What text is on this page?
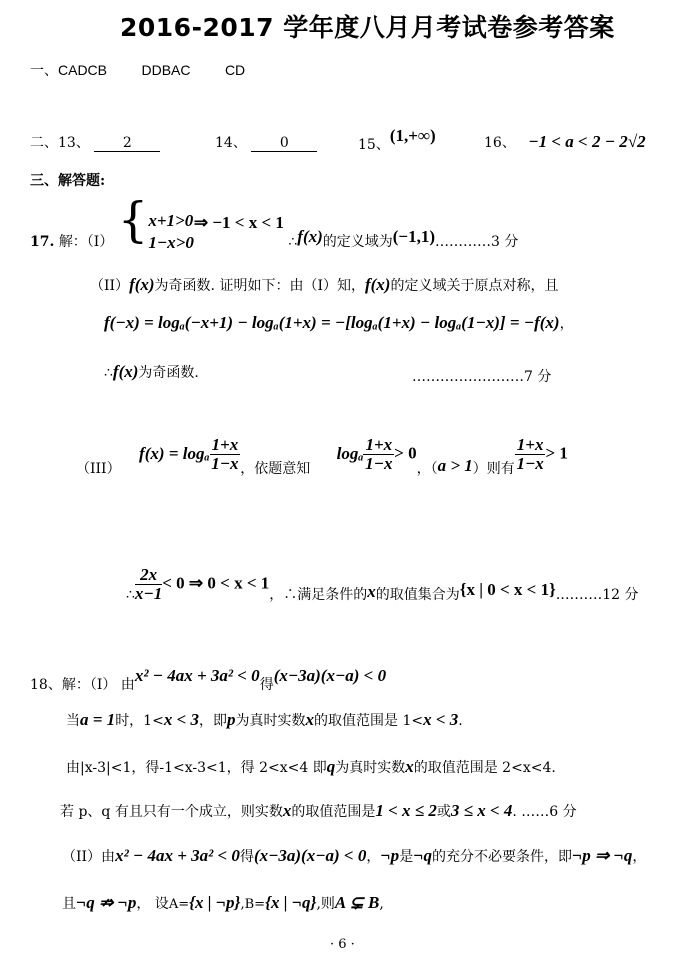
2016-2017 学年度八月月考试卷参考答案
一、CADCB DDBAC CD
二、13、 2	14、 0	15、(1,+∞)	16、 −1 < a < 2 − 2√2
三、解答题:
17. 解：（I） { x+1>0
1−x>0
⇒ −1 < x < 1 ∴f(x)的定义域为(−1,1)…………3 分
（II）f(x)为奇函数. 证明如下：由（I）知，f(x)的定义域关于原点对称，且
f(−x) = logₐ(−x+1) − logₐ(1+x) = −[logₐ(1+x) − logₐ(1−x)] = −f(x)，
∴f(x)为奇函数.	……………………7 分
（III） f(x) = logₐ $\frac{1+x}{1-x}$ ，依题意知 logₐ $\frac{1+x}{1-x} > 0$，（a > 1）则有 $\frac{1+x}{1-x} > 1$
∴ $\frac{2x}{x-1} < 0$ ⇒ 0 < x < 1，∴满足条件的x的取值集合为{x | 0 < x < 1}.………12 分
18、解：（I） 由x² − 4ax + 3a² < 0得(x−3a)(x−a) < 0
当a = 1时，1<x < 3，即p为真时实数x的取值范围是 1<x < 3.
由|x-3|<1，得-1<x-3<1，得 2<x<4 即q为真时实数x的取值范围是 2<x<4.
若 p、q 有且只有一个成立，则实数x的取值范围是1 < x ≤ 2或3 ≤ x < 4. ……6 分
（II）由x² − 4ax + 3a² < 0得(x−3a)(x−a) < 0，¬p是¬q的充分不必要条件，即¬p ⇒ ¬q，
且¬q ⇏ ¬p， 设A={x | ¬p},B={x | ¬q},则A ⊊ B,
· 6 ·
